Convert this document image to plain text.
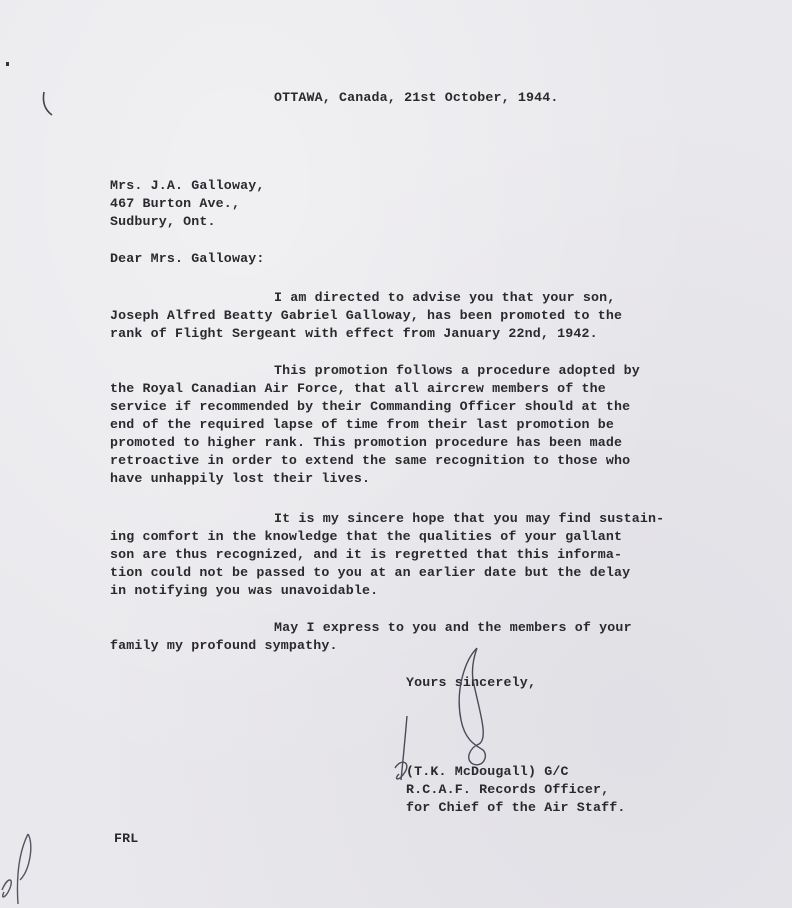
OTTAWA, Canada, 21st October, 1944.
Mrs. J.A. Galloway,
467 Burton Ave.,
Sudbury, Ont.
Dear Mrs. Galloway:
I am directed to advise you that your son,
Joseph Alfred Beatty Gabriel Galloway, has been promoted to the
rank of Flight Sergeant with effect from January 22nd, 1942.
This promotion follows a procedure adopted by
the Royal Canadian Air Force, that all aircrew members of the
service if recommended by their Commanding Officer should at the
end of the required lapse of time from their last promotion be
promoted to higher rank. This promotion procedure has been made
retroactive in order to extend the same recognition to those who
have unhappily lost their lives.
It is my sincere hope that you may find sustain-
ing comfort in the knowledge that the qualities of your gallant
son are thus recognized, and it is regretted that this informa-
tion could not be passed to you at an earlier date but the delay
in notifying you was unavoidable.
May I express to you and the members of your
family my profound sympathy.
Yours sincerely,
(T.K. McDougall) G/C
R.C.A.F. Records Officer,
for Chief of the Air Staff.
FRL
